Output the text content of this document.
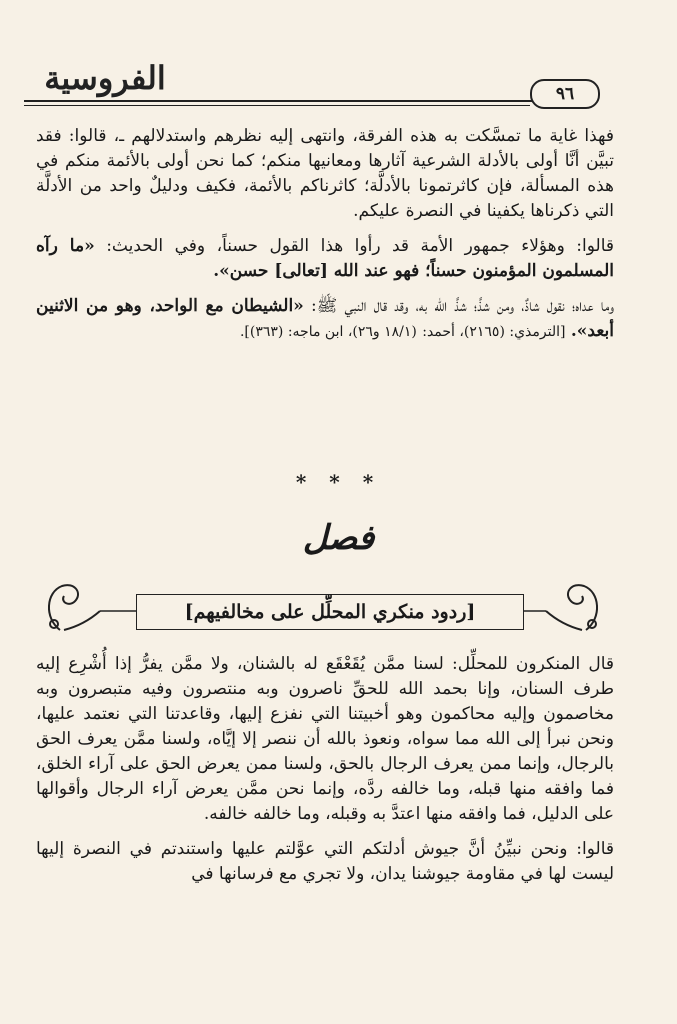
الفروسية	٩٦

فهذا غاية ما تمسَّكت به هذه الفرقة، وانتهى إليه نظرهم واستدلالهم ـ، قالوا: فقد تبيَّن أنَّا أولى بالأدلة الشرعية آثارها ومعانيها منكم؛ كما نحن أولى بالأئمة منكم في هذه المسألة، فإن كاثرتمونا بالأدلَّة؛ كاثرناكم بالأئمة، فكيف ودليلٌ واحد من الأدلَّة التي ذكرناها يكفينا في النصرة عليكم.

قالوا: وهؤلاء جمهور الأمة قد رأوا هذا القول حسناً، وفي الحديث: «ما رآه المسلمون المؤمنون حسناً؛ فهو عند الله [تعالى] حسن».

وما عداه؛ نقول شاذٌ، ومن شذَّ؛ شذَّ الله به، وقد قال النبي ﷺ: «الشيطان مع الواحد، وهو من الاثنين أبعد». [الترمذي: (٢١٦٥)، أحمد: (١٨/١ و٢٦)، ابن ماجه: (٣٦٣)].

* * *
فصل
[ردود منكري المحلِّل على مخالفيهم]

قال المنكرون للمحلِّل: لسنا ممَّن يُقَعْقَع له بالشنان، ولا ممَّن يفرُّ إذا أُشْرِع إليه طرف السنان، وإنا بحمد الله للحقِّ ناصرون وبه منتصرون وفيه متبصرون وبه مخاصمون وإليه محاكمون وهو أخبيتنا التي نفزع إليها، وقاعدتنا التي نعتمد عليها، ونحن نبرأ إلى الله مما سواه، ونعوذ بالله أن ننصر إلا إيَّاه، ولسنا ممَّن يعرف الحق بالرجال، وإنما ممن يعرف الرجال بالحق، ولسنا ممن يعرض الحق على آراء الخلق، فما وافقه منها قبله، وما خالفه ردَّه، وإنما نحن ممَّن يعرض آراء الرجال وأقوالها على الدليل، فما وافقه منها اعتدَّ به وقبله، وما خالفه خالفه.

قالوا: ونحن نبيِّنُ أنَّ جيوش أدلتكم التي عوَّلتم عليها واستندتم في النصرة إليها ليست لها في مقاومة جيوشنا يدان، ولا تجري مع فرسانها في
